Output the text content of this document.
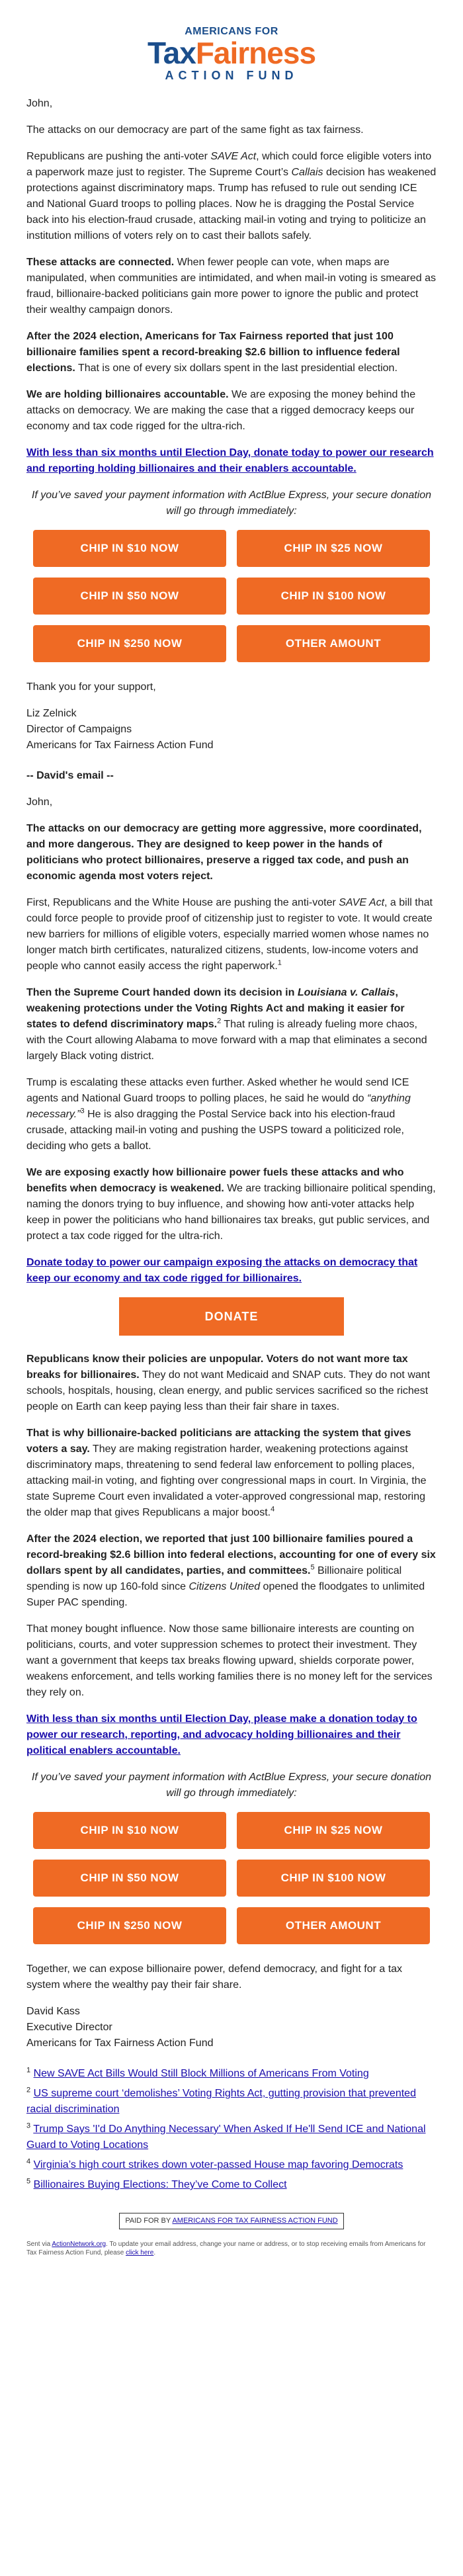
AMERICANS FOR
TaxFairness
ACTION FUND

John,

The attacks on our democracy are part of the same fight as tax fairness.

Republicans are pushing the anti-voter SAVE Act, which could force eligible voters into a paperwork maze just to register. The Supreme Court’s Callais decision has weakened protections against discriminatory maps. Trump has refused to rule out sending ICE and National Guard troops to polling places. Now he is dragging the Postal Service back into his election-fraud crusade, attacking mail-in voting and trying to politicize an institution millions of voters rely on to cast their ballots safely.

These attacks are connected. When fewer people can vote, when maps are manipulated, when communities are intimidated, and when mail-in voting is smeared as fraud, billionaire-backed politicians gain more power to ignore the public and protect their wealthy campaign donors.

After the 2024 election, Americans for Tax Fairness reported that just 100 billionaire families spent a record-breaking $2.6 billion to influence federal elections. That is one of every six dollars spent in the last presidential election.

We are holding billionaires accountable. We are exposing the money behind the attacks on democracy. We are making the case that a rigged democracy keeps our economy and tax code rigged for the ultra-rich.

With less than six months until Election Day, donate today to power our research and reporting holding billionaires and their enablers accountable.

If you’ve saved your payment information with ActBlue Express, your secure donation will go through immediately:

CHIP IN $10 NOW	CHIP IN $25 NOW
CHIP IN $50 NOW	CHIP IN $100 NOW
CHIP IN $250 NOW	OTHER AMOUNT

Thank you for your support,

Liz Zelnick

Director of Campaigns

Americans for Tax Fairness Action Fund

-- David's email --

John,

The attacks on our democracy are getting more aggressive, more coordinated, and more dangerous. They are designed to keep power in the hands of politicians who protect billionaires, preserve a rigged tax code, and push an economic agenda most voters reject.

First, Republicans and the White House are pushing the anti-voter SAVE Act, a bill that could force people to provide proof of citizenship just to register to vote. It would create new barriers for millions of eligible voters, especially married women whose names no longer match birth certificates, naturalized citizens, students, low-income voters and people who cannot easily access the right paperwork.$^1$

Then the Supreme Court handed down its decision in Louisiana v. Callais, weakening protections under the Voting Rights Act and making it easier for states to defend discriminatory maps.$^2$ That ruling is already fueling more chaos, with the Court allowing Alabama to move forward with a map that eliminates a second largely Black voting district.

Trump is escalating these attacks even further. Asked whether he would send ICE agents and National Guard troops to polling places, he said he would do “anything necessary.”$^3$ He is also dragging the Postal Service back into his election-fraud crusade, attacking mail-in voting and pushing the USPS toward a politicized role, deciding who gets a ballot.

We are exposing exactly how billionaire power fuels these attacks and who benefits when democracy is weakened. We are tracking billionaire political spending, naming the donors trying to buy influence, and showing how anti-voter attacks help keep in power the politicians who hand billionaires tax breaks, gut public services, and protect a tax code rigged for the ultra-rich.

Donate today to power our campaign exposing the attacks on democracy that keep our economy and tax code rigged for billionaires.

DONATE

Republicans know their policies are unpopular. Voters do not want more tax breaks for billionaires. They do not want Medicaid and SNAP cuts. They do not want schools, hospitals, housing, clean energy, and public services sacrificed so the richest people on Earth can keep paying less than their fair share in taxes.

That is why billionaire-backed politicians are attacking the system that gives voters a say. They are making registration harder, weakening protections against discriminatory maps, threatening to send federal law enforcement to polling places, attacking mail-in voting, and fighting over congressional maps in court. In Virginia, the state Supreme Court even invalidated a voter-approved congressional map, restoring the older map that gives Republicans a major boost.$^4$

After the 2024 election, we reported that just 100 billionaire families poured a record-breaking $2.6 billion into federal elections, accounting for one of every six dollars spent by all candidates, parties, and committees.$^5$ Billionaire political spending is now up 160-fold since Citizens United opened the floodgates to unlimited Super PAC spending.

That money bought influence. Now those same billionaire interests are counting on politicians, courts, and voter suppression schemes to protect their investment. They want a government that keeps tax breaks flowing upward, shields corporate power, weakens enforcement, and tells working families there is no money left for the services they rely on.

With less than six months until Election Day, please make a donation today to power our research, reporting, and advocacy holding billionaires and their political enablers accountable.

If you’ve saved your payment information with ActBlue Express, your secure donation will go through immediately:

CHIP IN $10 NOW	CHIP IN $25 NOW
CHIP IN $50 NOW	CHIP IN $100 NOW
CHIP IN $250 NOW	OTHER AMOUNT

Together, we can expose billionaire power, defend democracy, and fight for a tax system where the wealthy pay their fair share.

David Kass

Executive Director

Americans for Tax Fairness Action Fund

$^1$ New SAVE Act Bills Would Still Block Millions of Americans From Voting

$^2$ US supreme court ‘demolishes’ Voting Rights Act, gutting provision that prevented racial discrimination

$^3$ Trump Says 'I'd Do Anything Necessary' When Asked If He'll Send ICE and National Guard to Voting Locations

$^4$ Virginia’s high court strikes down voter-passed House map favoring Democrats

$^5$ Billionaires Buying Elections: They’ve Come to Collect

PAID FOR BY AMERICANS FOR TAX FAIRNESS ACTION FUND
Sent via ActionNetwork.org. To update your email address, change your name or address, or to stop receiving emails from Americans for Tax Fairness Action Fund, please click here.
